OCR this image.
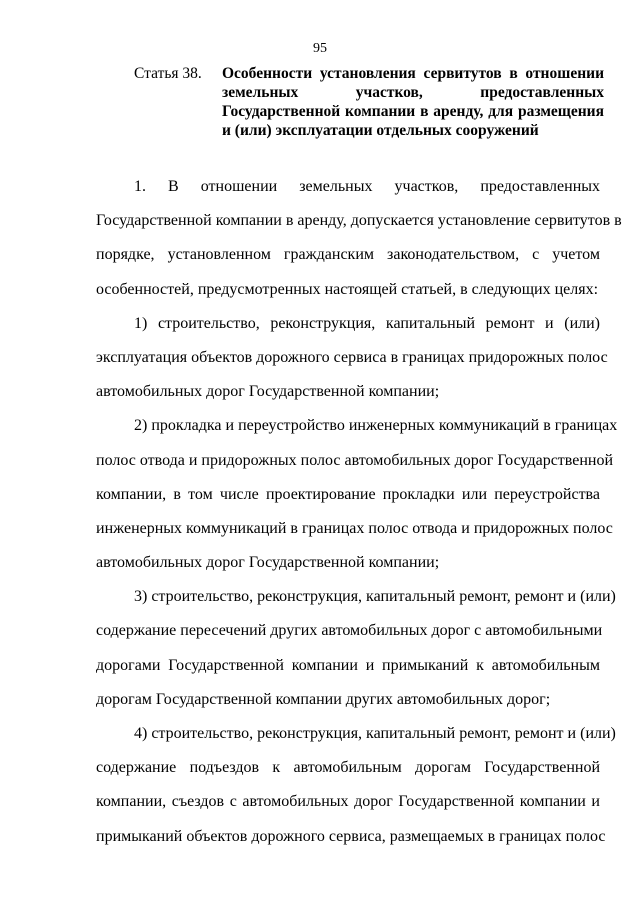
95
Статья 38.	Особенности установления сервитутов в отношении
земельных участков, предоставленных
Государственной компании в аренду, для размещения
и (или) эксплуатации отдельных сооружений
1. В отношении земельных участков, предоставленных
Государственной компании в аренду, допускается установление сервитутов в
порядке, установленном гражданским законодательством, с учетом
особенностей, предусмотренных настоящей статьей, в следующих целях:
1) строительство, реконструкция, капитальный ремонт и (или)
эксплуатация объектов дорожного сервиса в границах придорожных полос
автомобильных дорог Государственной компании;
2) прокладка и переустройство инженерных коммуникаций в границах
полос отвода и придорожных полос автомобильных дорог Государственной
компании, в том числе проектирование прокладки или переустройства
инженерных коммуникаций в границах полос отвода и придорожных полос
автомобильных дорог Государственной компании;
3) строительство, реконструкция, капитальный ремонт, ремонт и (или)
содержание пересечений других автомобильных дорог с автомобильными
дорогами Государственной компании и примыканий к автомобильным
дорогам Государственной компании других автомобильных дорог;
4) строительство, реконструкция, капитальный ремонт, ремонт и (или)
содержание подъездов к автомобильным дорогам Государственной
компании, съездов с автомобильных дорог Государственной компании и
примыканий объектов дорожного сервиса, размещаемых в границах полос
